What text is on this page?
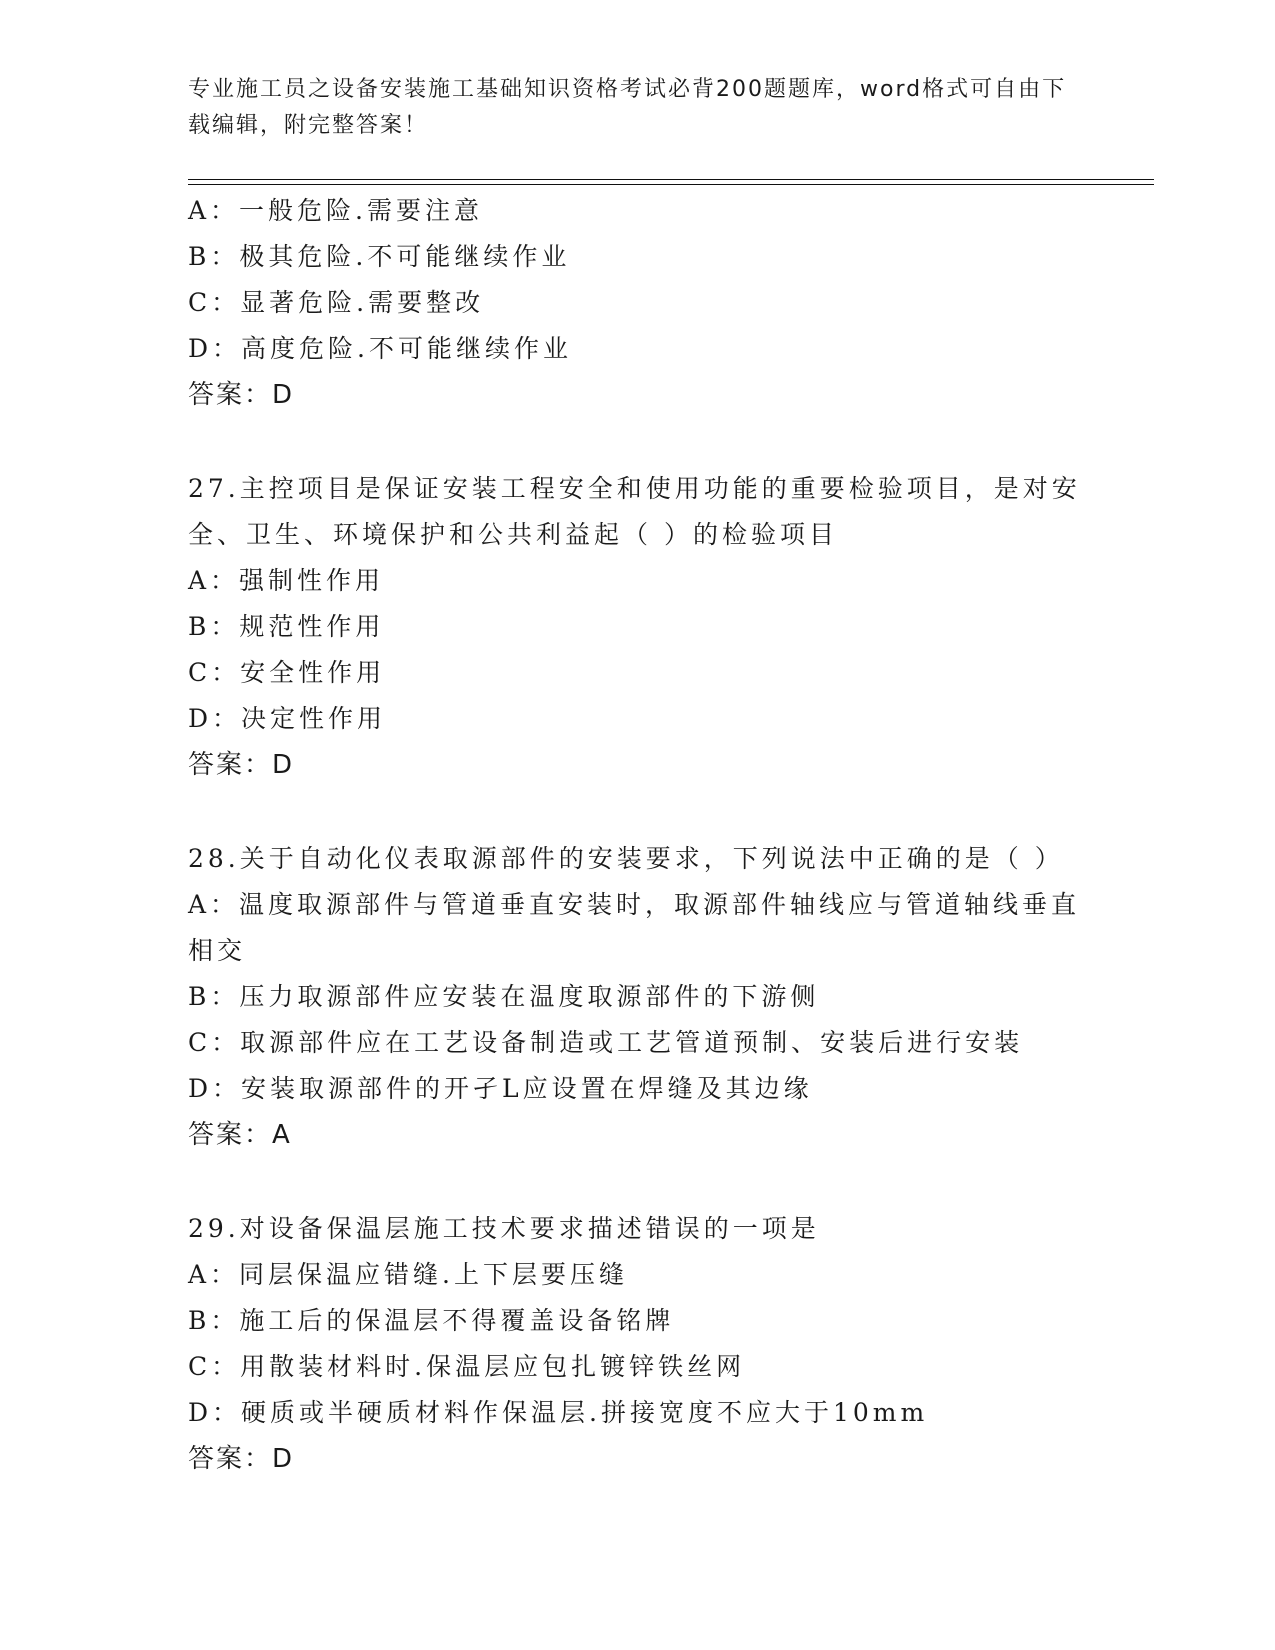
专业施工员之设备安装施工基础知识资格考试必背200题题库，word格式可自由下载编辑，附完整答案！
A：一般危险.需要注意
B：极其危险.不可能继续作业
C：显著危险.需要整改
D：高度危险.不可能继续作业
答案：D
27.主控项目是保证安装工程安全和使用功能的重要检验项目，是对安
全、卫生、环境保护和公共利益起（ ）的检验项目
A：强制性作用
B：规范性作用
C：安全性作用
D：决定性作用
答案：D
28.关于自动化仪表取源部件的安装要求，下列说法中正确的是（ ）
A：温度取源部件与管道垂直安装时，取源部件轴线应与管道轴线垂直
相交
B：压力取源部件应安装在温度取源部件的下游侧
C：取源部件应在工艺设备制造或工艺管道预制、安装后进行安装
D：安装取源部件的开孑L应设置在焊缝及其边缘
答案：A
29.对设备保温层施工技术要求描述错误的一项是
A：同层保温应错缝.上下层要压缝
B：施工后的保温层不得覆盖设备铭牌
C：用散装材料时.保温层应包扎镀锌铁丝网
D：硬质或半硬质材料作保温层.拼接宽度不应大于10mm
答案：D
